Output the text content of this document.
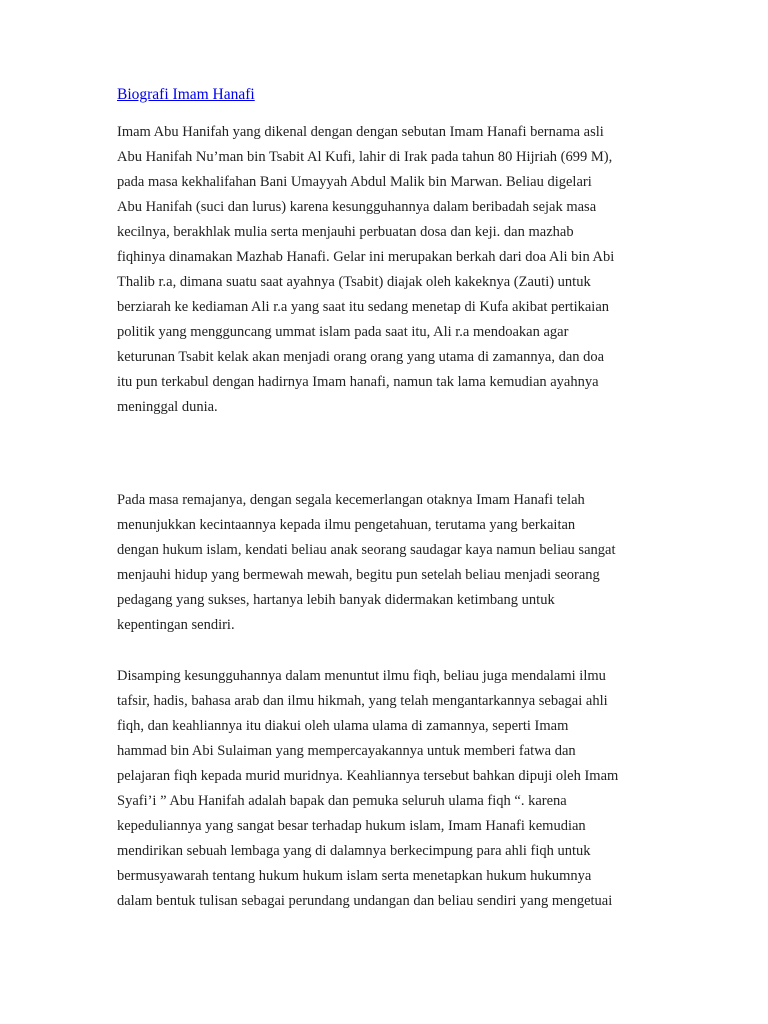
Biografi Imam Hanafi
Imam Abu Hanifah yang dikenal dengan dengan sebutan Imam Hanafi bernama asli
Abu Hanifah Nu’man bin Tsabit Al Kufi, lahir di Irak pada tahun 80 Hijriah (699 M),
pada masa kekhalifahan Bani Umayyah Abdul Malik bin Marwan. Beliau digelari
Abu Hanifah (suci dan lurus) karena kesungguhannya dalam beribadah sejak masa
kecilnya, berakhlak mulia serta menjauhi perbuatan dosa dan keji. dan mazhab
fiqhinya dinamakan Mazhab Hanafi. Gelar ini merupakan berkah dari doa Ali bin Abi
Thalib r.a, dimana suatu saat ayahnya (Tsabit) diajak oleh kakeknya (Zauti) untuk
berziarah ke kediaman Ali r.a yang saat itu sedang menetap di Kufa akibat pertikaian
politik yang mengguncang ummat islam pada saat itu, Ali r.a mendoakan agar
keturunan Tsabit kelak akan menjadi orang orang yang utama di zamannya, dan doa
itu pun terkabul dengan hadirnya Imam hanafi, namun tak lama kemudian ayahnya
meninggal dunia.
Pada masa remajanya, dengan segala kecemerlangan otaknya Imam Hanafi telah
menunjukkan kecintaannya kepada ilmu pengetahuan, terutama yang berkaitan
dengan hukum islam, kendati beliau anak seorang saudagar kaya namun beliau sangat
menjauhi hidup yang bermewah mewah, begitu pun setelah beliau menjadi seorang
pedagang yang sukses, hartanya lebih banyak didermakan ketimbang untuk
kepentingan sendiri.
Disamping kesungguhannya dalam menuntut ilmu fiqh, beliau juga mendalami ilmu
tafsir, hadis, bahasa arab dan ilmu hikmah, yang telah mengantarkannya sebagai ahli
fiqh, dan keahliannya itu diakui oleh ulama ulama di zamannya, seperti Imam
hammad bin Abi Sulaiman yang mempercayakannya untuk memberi fatwa dan
pelajaran fiqh kepada murid muridnya. Keahliannya tersebut bahkan dipuji oleh Imam
Syafi’i ” Abu Hanifah adalah bapak dan pemuka seluruh ulama fiqh “. karena
kepeduliannya yang sangat besar terhadap hukum islam, Imam Hanafi kemudian
mendirikan sebuah lembaga yang di dalamnya berkecimpung para ahli fiqh untuk
bermusyawarah tentang hukum hukum islam serta menetapkan hukum hukumnya
dalam bentuk tulisan sebagai perundang undangan dan beliau sendiri yang mengetuai
